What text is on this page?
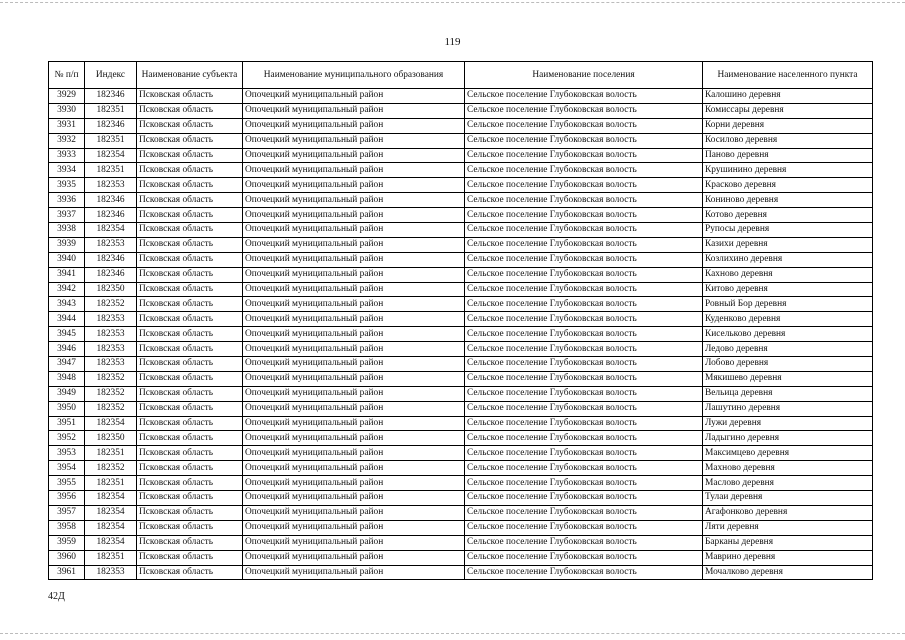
119
№ п/п	Индекс	Наименование субъекта	Наименование муниципального образования	Наименование поселения	Наименование населенного пункта
3929	182346	Псковская область	Опочецкий муниципальный район	Сельское поселение Глубоковская волость	Калошино деревня
3930	182351	Псковская область	Опочецкий муниципальный район	Сельское поселение Глубоковская волость	Комиссары деревня
3931	182346	Псковская область	Опочецкий муниципальный район	Сельское поселение Глубоковская волость	Корни деревня
3932	182351	Псковская область	Опочецкий муниципальный район	Сельское поселение Глубоковская волость	Косилово деревня
3933	182354	Псковская область	Опочецкий муниципальный район	Сельское поселение Глубоковская волость	Паново деревня
3934	182351	Псковская область	Опочецкий муниципальный район	Сельское поселение Глубоковская волость	Крушинино деревня
3935	182353	Псковская область	Опочецкий муниципальный район	Сельское поселение Глубоковская волость	Красково деревня
3936	182346	Псковская область	Опочецкий муниципальный район	Сельское поселение Глубоковская волость	Кониново деревня
3937	182346	Псковская область	Опочецкий муниципальный район	Сельское поселение Глубоковская волость	Котово деревня
3938	182354	Псковская область	Опочецкий муниципальный район	Сельское поселение Глубоковская волость	Рупосы деревня
3939	182353	Псковская область	Опочецкий муниципальный район	Сельское поселение Глубоковская волость	Казихи деревня
3940	182346	Псковская область	Опочецкий муниципальный район	Сельское поселение Глубоковская волость	Козлихино деревня
3941	182346	Псковская область	Опочецкий муниципальный район	Сельское поселение Глубоковская волость	Кахново деревня
3942	182350	Псковская область	Опочецкий муниципальный район	Сельское поселение Глубоковская волость	Китово деревня
3943	182352	Псковская область	Опочецкий муниципальный район	Сельское поселение Глубоковская волость	Ровный Бор деревня
3944	182353	Псковская область	Опочецкий муниципальный район	Сельское поселение Глубоковская волость	Куденково деревня
3945	182353	Псковская область	Опочецкий муниципальный район	Сельское поселение Глубоковская волость	Кисельково деревня
3946	182353	Псковская область	Опочецкий муниципальный район	Сельское поселение Глубоковская волость	Ледово деревня
3947	182353	Псковская область	Опочецкий муниципальный район	Сельское поселение Глубоковская волость	Лобово деревня
3948	182352	Псковская область	Опочецкий муниципальный район	Сельское поселение Глубоковская волость	Мякишево деревня
3949	182352	Псковская область	Опочецкий муниципальный район	Сельское поселение Глубоковская волость	Вельица деревня
3950	182352	Псковская область	Опочецкий муниципальный район	Сельское поселение Глубоковская волость	Лашутино деревня
3951	182354	Псковская область	Опочецкий муниципальный район	Сельское поселение Глубоковская волость	Лужи деревня
3952	182350	Псковская область	Опочецкий муниципальный район	Сельское поселение Глубоковская волость	Ладыгино деревня
3953	182351	Псковская область	Опочецкий муниципальный район	Сельское поселение Глубоковская волость	Максимцево деревня
3954	182352	Псковская область	Опочецкий муниципальный район	Сельское поселение Глубоковская волость	Махново деревня
3955	182351	Псковская область	Опочецкий муниципальный район	Сельское поселение Глубоковская волость	Маслово деревня
3956	182354	Псковская область	Опочецкий муниципальный район	Сельское поселение Глубоковская волость	Тулаи деревня
3957	182354	Псковская область	Опочецкий муниципальный район	Сельское поселение Глубоковская волость	Агафонково деревня
3958	182354	Псковская область	Опочецкий муниципальный район	Сельское поселение Глубоковская волость	Ляти деревня
3959	182354	Псковская область	Опочецкий муниципальный район	Сельское поселение Глубоковская волость	Барканы деревня
3960	182351	Псковская область	Опочецкий муниципальный район	Сельское поселение Глубоковская волость	Маврино деревня
3961	182353	Псковская область	Опочецкий муниципальный район	Сельское поселение Глубоковская волость	Мочалково деревня
42Д
